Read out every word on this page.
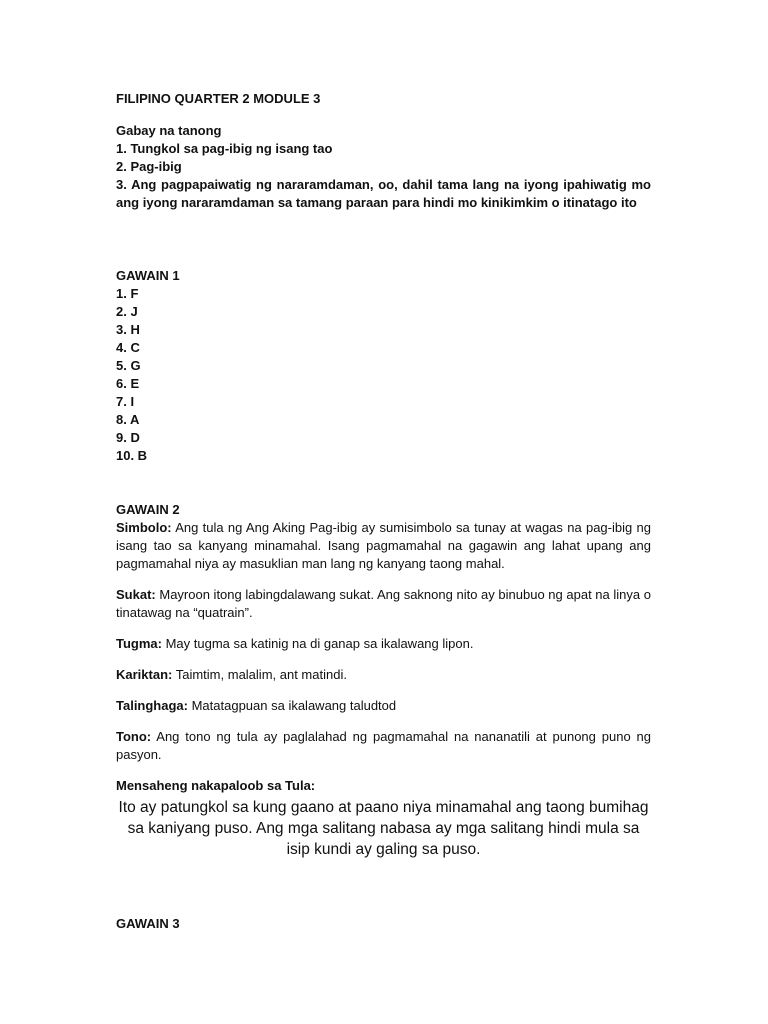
FILIPINO QUARTER 2 MODULE 3

Gabay na tanong

1. Tungkol sa pag-ibig ng isang tao
2. Pag-ibig
3. Ang pagpapaiwatig ng nararamdaman, oo, dahil tama lang na iyong ipahiwatig mo ang iyong nararamdaman sa tamang paraan para hindi mo kinikimkim o itinatago ito

GAWAIN 1

1. F
2. J
3. H
4. C
5. G
6. E
7. I
8. A
9. D
10. B

GAWAIN 2

Simbolo: Ang tula ng Ang Aking Pag-ibig ay sumisimbolo sa tunay at wagas na pag-ibig ng isang tao sa kanyang minamahal. Isang pagmamahal na gagawin ang lahat upang ang pagmamahal niya ay masuklian man lang ng kanyang taong mahal.

Sukat: Mayroon itong labingdalawang sukat. Ang saknong nito ay binubuo ng apat na linya o tinatawag na “quatrain”.

Tugma: May tugma sa katinig na di ganap sa ikalawang lipon.

Kariktan: Taimtim, malalim, ant matindi.

Talinghaga: Matatagpuan sa ikalawang taludtod

Tono: Ang tono ng tula ay paglalahad ng pagmamahal na nananatili at punong puno ng pasyon.

Mensaheng nakapaloob sa Tula:

Ito ay patungkol sa kung gaano at paano niya minamahal ang taong bumihag sa kaniyang puso. Ang mga salitang nabasa ay mga salitang hindi mula sa isip kundi ay galing sa puso.

GAWAIN 3
